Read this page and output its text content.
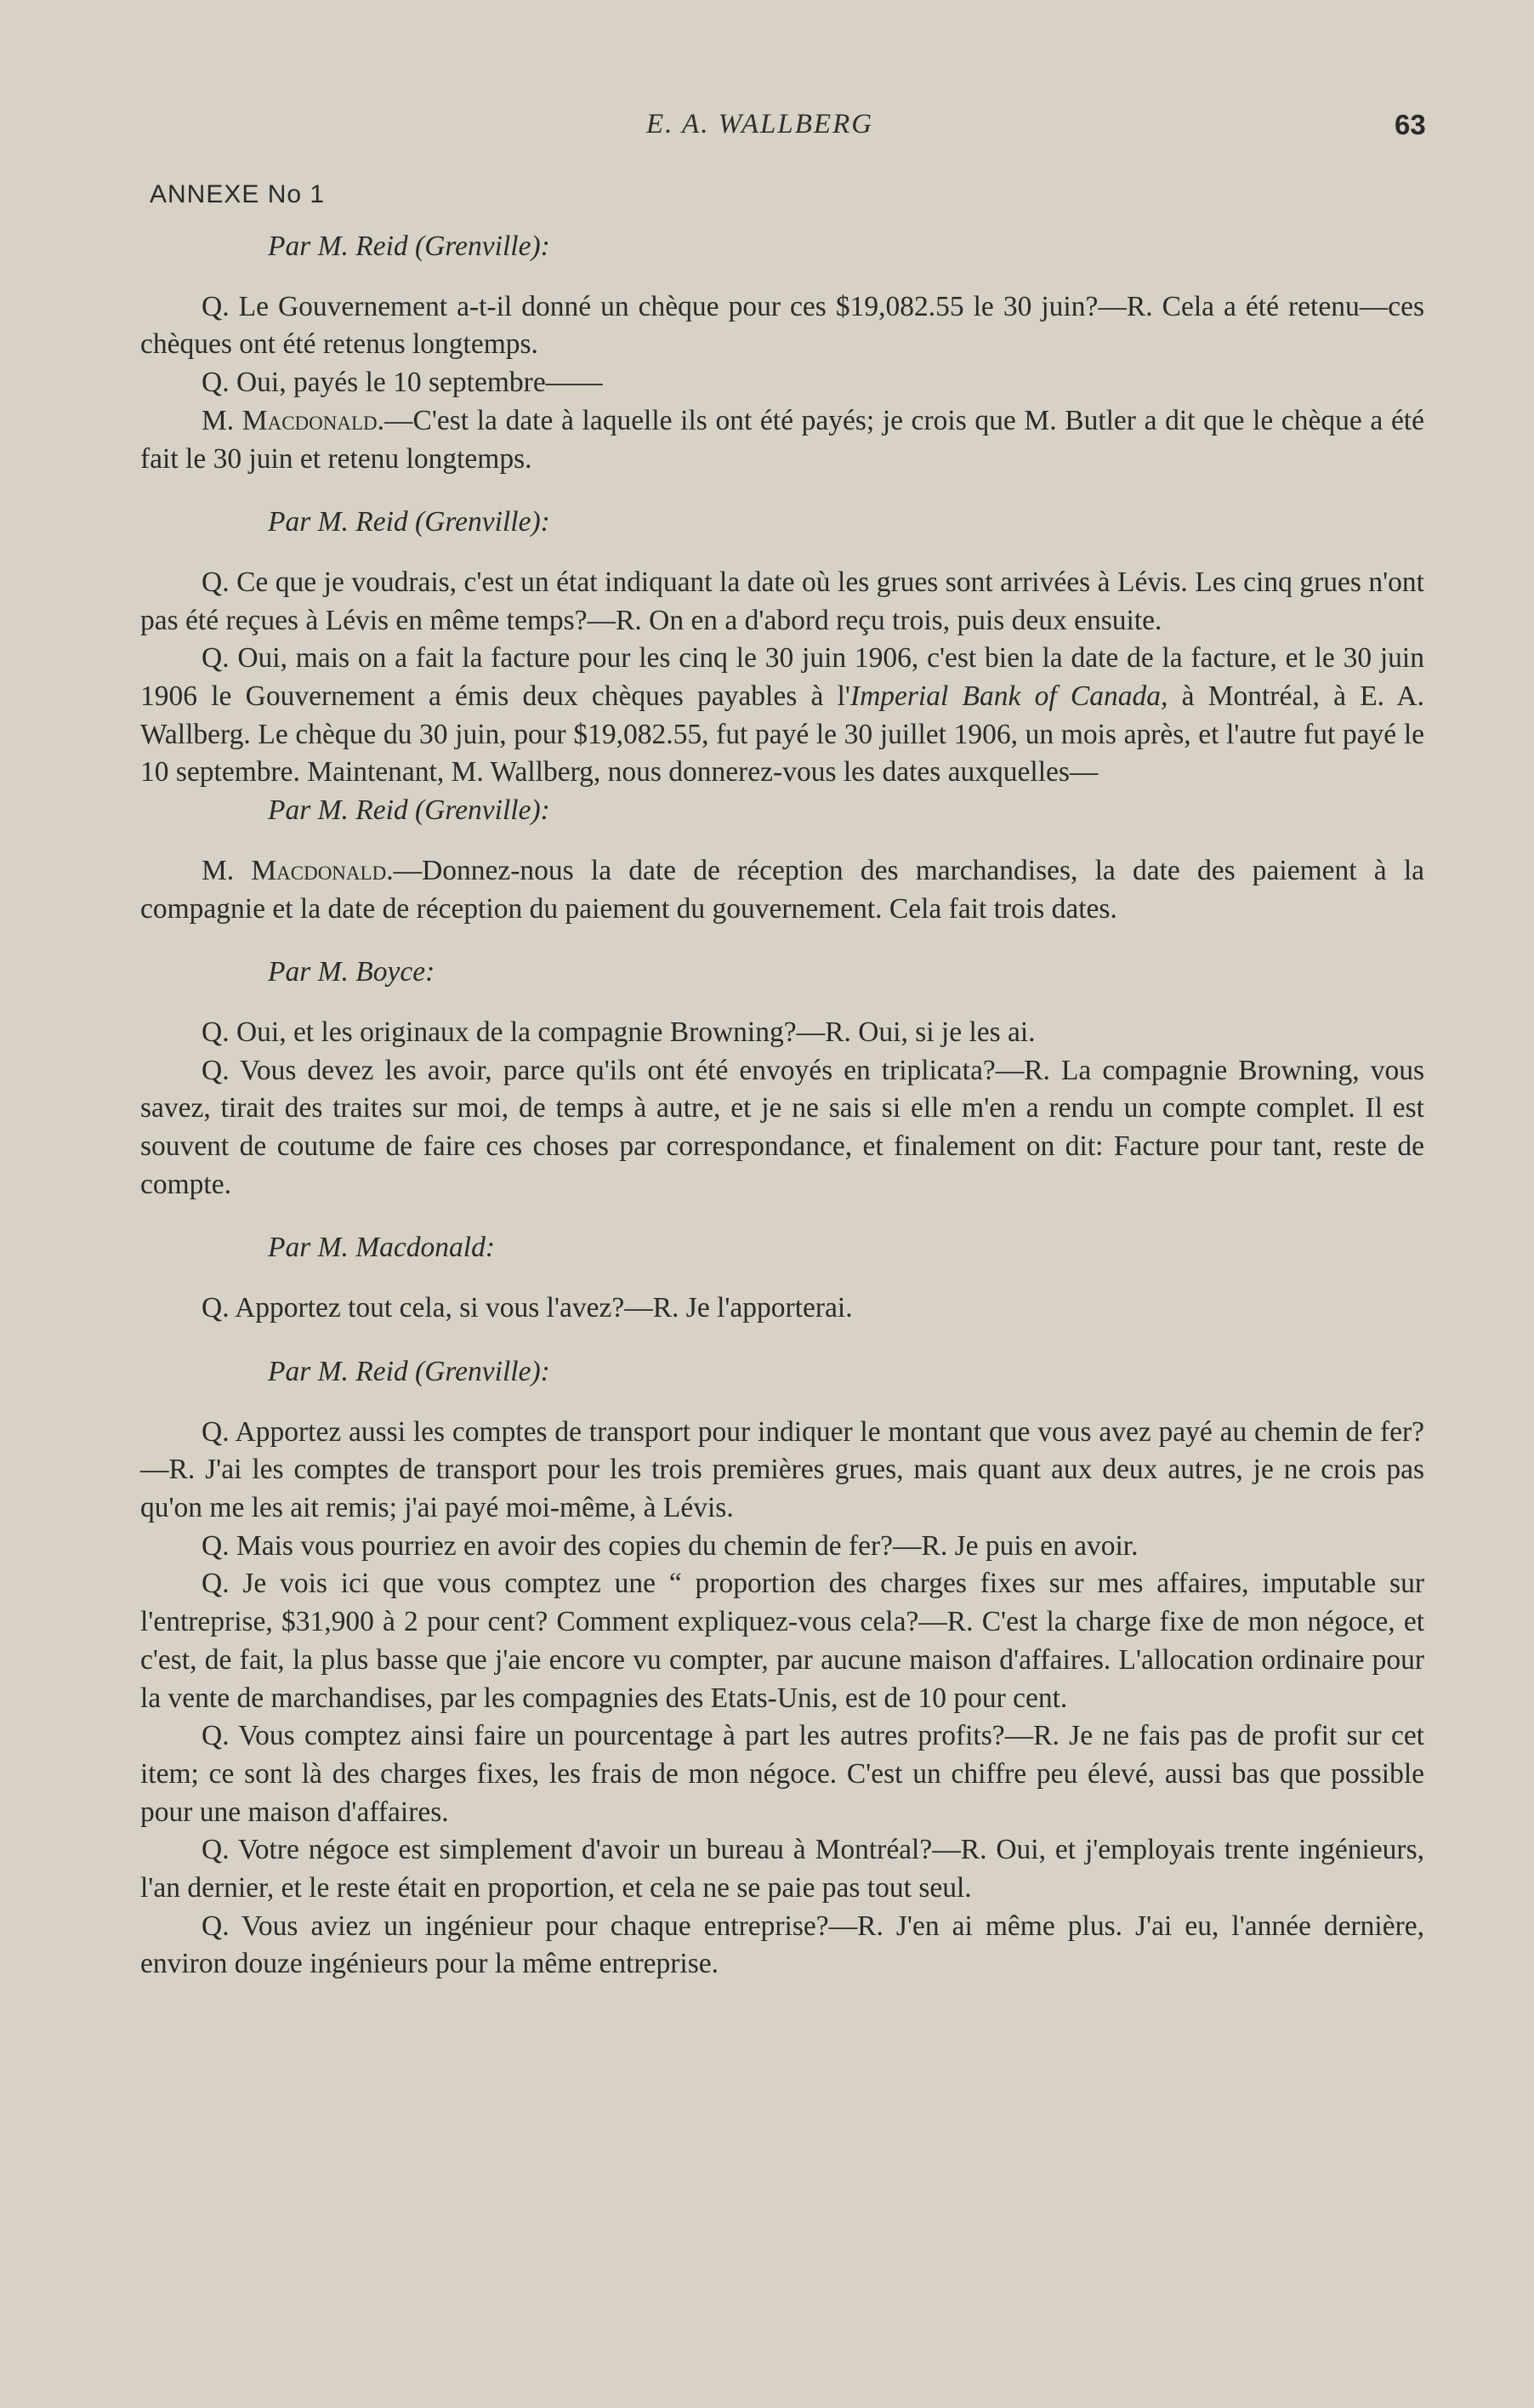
E. A. WALLBERG	63
ANNEXE No 1

Par M. Reid (Grenville):

Q. Le Gouvernement a-t-il donné un chèque pour ces $19,082.55 le 30 juin?—R. Cela a été retenu—ces chèques ont été retenus longtemps.

Q. Oui, payés le 10 septembre——

M. Macdonald.—C'est la date à laquelle ils ont été payés; je crois que M. Butler a dit que le chèque a été fait le 30 juin et retenu longtemps.

Par M. Reid (Grenville):

Q. Ce que je voudrais, c'est un état indiquant la date où les grues sont arrivées à Lévis. Les cinq grues n'ont pas été reçues à Lévis en même temps?—R. On en a d'abord reçu trois, puis deux ensuite.

Q. Oui, mais on a fait la facture pour les cinq le 30 juin 1906, c'est bien la date de la facture, et le 30 juin 1906 le Gouvernement a émis deux chèques payables à l'Imperial Bank of Canada, à Montréal, à E. A. Wallberg. Le chèque du 30 juin, pour $19,082.55, fut payé le 30 juillet 1906, un mois après, et l'autre fut payé le 10 septembre. Maintenant, M. Wallberg, nous donnerez-vous les dates auxquelles—

Par M. Reid (Grenville):

M. Macdonald.—Donnez-nous la date de réception des marchandises, la date des paiement à la compagnie et la date de réception du paiement du gouvernement. Cela fait trois dates.

Par M. Boyce:

Q. Oui, et les originaux de la compagnie Browning?—R. Oui, si je les ai.

Q. Vous devez les avoir, parce qu'ils ont été envoyés en triplicata?—R. La compagnie Browning, vous savez, tirait des traites sur moi, de temps à autre, et je ne sais si elle m'en a rendu un compte complet. Il est souvent de coutume de faire ces choses par correspondance, et finalement on dit: Facture pour tant, reste de compte.

Par M. Macdonald:

Q. Apportez tout cela, si vous l'avez?—R. Je l'apporterai.

Par M. Reid (Grenville):

Q. Apportez aussi les comptes de transport pour indiquer le montant que vous avez payé au chemin de fer?—R. J'ai les comptes de transport pour les trois premières grues, mais quant aux deux autres, je ne crois pas qu'on me les ait remis; j'ai payé moi-même, à Lévis.

Q. Mais vous pourriez en avoir des copies du chemin de fer?—R. Je puis en avoir.

Q. Je vois ici que vous comptez une “ proportion des charges fixes sur mes affaires, imputable sur l'entreprise, $31,900 à 2 pour cent? Comment expliquez-vous cela?—R. C'est la charge fixe de mon négoce, et c'est, de fait, la plus basse que j'aie encore vu compter, par aucune maison d'affaires. L'allocation ordinaire pour la vente de marchandises, par les compagnies des Etats-Unis, est de 10 pour cent.

Q. Vous comptez ainsi faire un pourcentage à part les autres profits?—R. Je ne fais pas de profit sur cet item; ce sont là des charges fixes, les frais de mon négoce. C'est un chiffre peu élevé, aussi bas que possible pour une maison d'affaires.

Q. Votre négoce est simplement d'avoir un bureau à Montréal?—R. Oui, et j'employais trente ingénieurs, l'an dernier, et le reste était en proportion, et cela ne se paie pas tout seul.

Q. Vous aviez un ingénieur pour chaque entreprise?—R. J'en ai même plus. J'ai eu, l'année dernière, environ douze ingénieurs pour la même entreprise.
